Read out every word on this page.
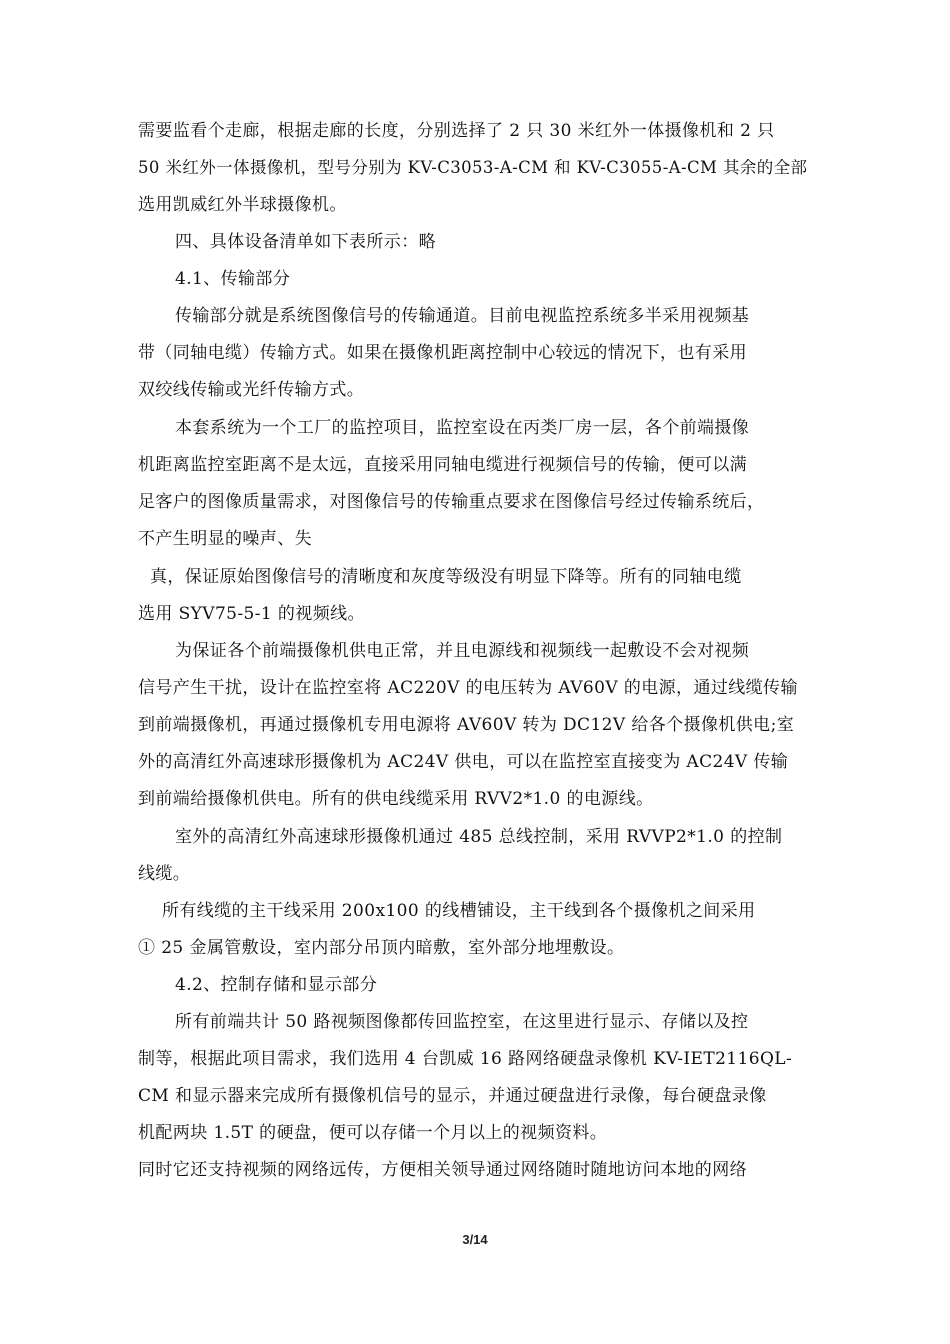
需要监看个走廊，根据走廊的长度，分别选择了 2 只 30 米红外一体摄像机和 2 只
50 米红外一体摄像机，型号分别为 KV-C3053-A-CM 和 KV-C3055-A-CM 其余的全部
选用凯威红外半球摄像机。
四、具体设备清单如下表所示：略
4.1、传输部分
传输部分就是系统图像信号的传输通道。目前电视监控系统多半采用视频基
带（同轴电缆）传输方式。如果在摄像机距离控制中心较远的情况下，也有采用
双绞线传输或光纤传输方式。
本套系统为一个工厂的监控项目，监控室设在丙类厂房一层，各个前端摄像
机距离监控室距离不是太远，直接采用同轴电缆进行视频信号的传输，便可以满
足客户的图像质量需求，对图像信号的传输重点要求在图像信号经过传输系统后，
不产生明显的噪声、失
真，保证原始图像信号的清晰度和灰度等级没有明显下降等。所有的同轴电缆
选用 SYV75-5-1 的视频线。
为保证各个前端摄像机供电正常，并且电源线和视频线一起敷设不会对视频
信号产生干扰，设计在监控室将 AC220V 的电压转为 AV60V 的电源，通过线缆传输
到前端摄像机，再通过摄像机专用电源将 AV60V 转为 DC12V 给各个摄像机供电;室
外的高清红外高速球形摄像机为 AC24V 供电，可以在监控室直接变为 AC24V 传输
到前端给摄像机供电。所有的供电线缆采用 RVV2*1.0 的电源线。
室外的高清红外高速球形摄像机通过 485 总线控制，采用 RVVP2*1.0 的控制
线缆。
所有线缆的主干线采用 200x100 的线槽铺设，主干线到各个摄像机之间采用
① 25 金属管敷设，室内部分吊顶内暗敷，室外部分地埋敷设。
4.2、控制存储和显示部分
所有前端共计 50 路视频图像都传回监控室，在这里进行显示、存储以及控
制等，根据此项目需求，我们选用 4 台凯威 16 路网络硬盘录像机 KV-IET2116QL-
CM 和显示器来完成所有摄像机信号的显示，并通过硬盘进行录像，每台硬盘录像
机配两块 1.5T 的硬盘，便可以存储一个月以上的视频资料。
同时它还支持视频的网络远传，方便相关领导通过网络随时随地访问本地的网络
3/14
